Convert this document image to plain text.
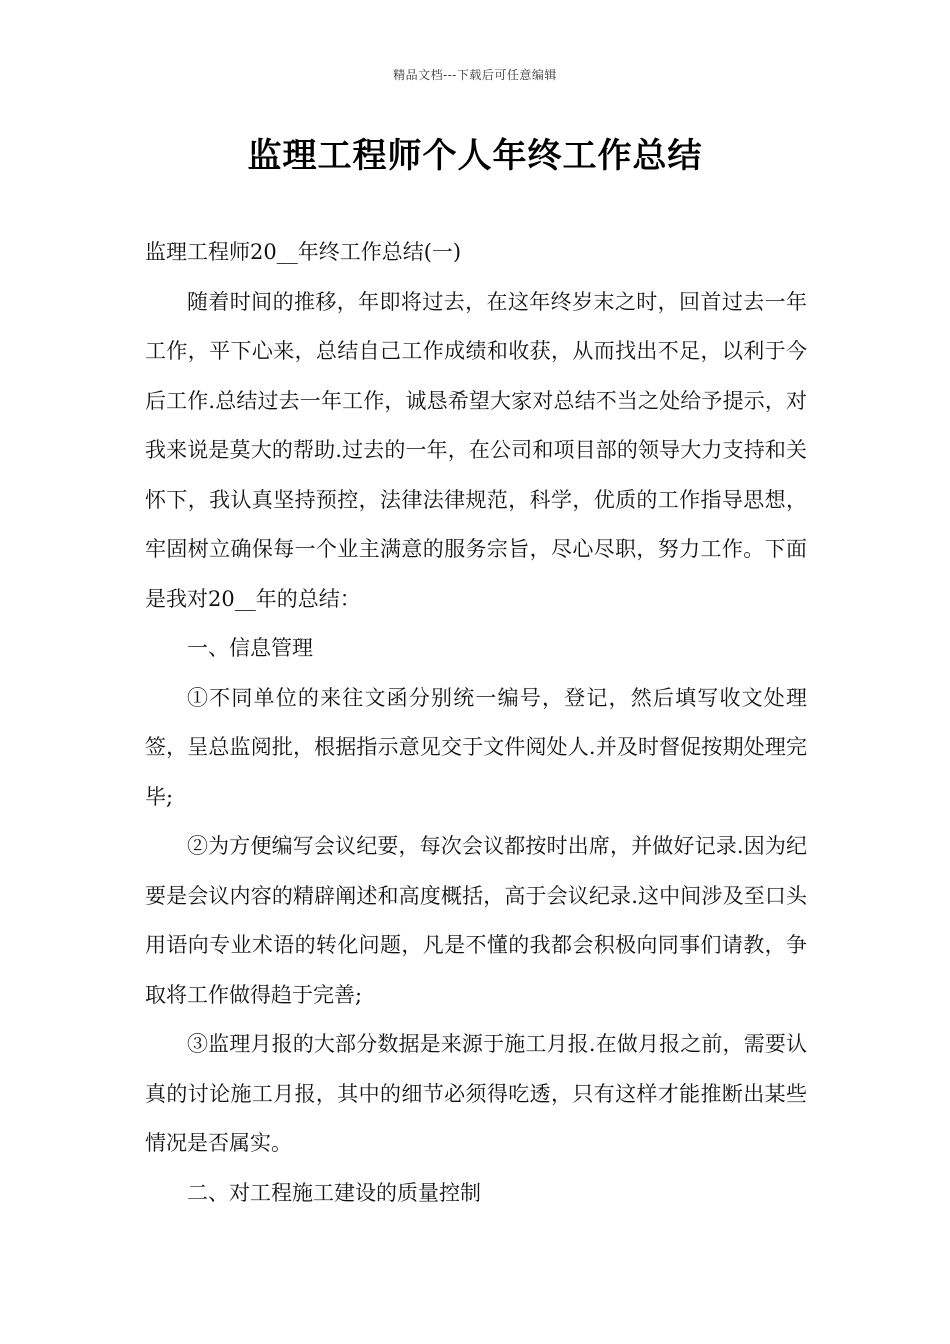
精品文档---下载后可任意编辑
监理工程师个人年终工作总结

监理工程师20__年终工作总结(一)

随着时间的推移，年即将过去，在这年终岁末之时，回首过去一年工作，平下心来，总结自己工作成绩和收获，从而找出不足，以利于今后工作.总结过去一年工作，诚恳希望大家对总结不当之处给予提示，对我来说是莫大的帮助.过去的一年，在公司和项目部的领导大力支持和关怀下，我认真坚持预控，法律法律规范，科学，优质的工作指导思想，牢固树立确保每一个业主满意的服务宗旨，尽心尽职，努力工作。下面是我对20__年的总结：

一、信息管理

①不同单位的来往文函分别统一编号，登记，然后填写收文处理签，呈总监阅批，根据指示意见交于文件阅处人.并及时督促按期处理完毕;

②为方便编写会议纪要，每次会议都按时出席，并做好记录.因为纪要是会议内容的精辟阐述和高度概括，高于会议纪录.这中间涉及至口头用语向专业术语的转化问题，凡是不懂的我都会积极向同事们请教，争取将工作做得趋于完善;

③监理月报的大部分数据是来源于施工月报.在做月报之前，需要认真的讨论施工月报，其中的细节必须得吃透，只有这样才能推断出某些情况是否属实。

二、对工程施工建设的质量控制
